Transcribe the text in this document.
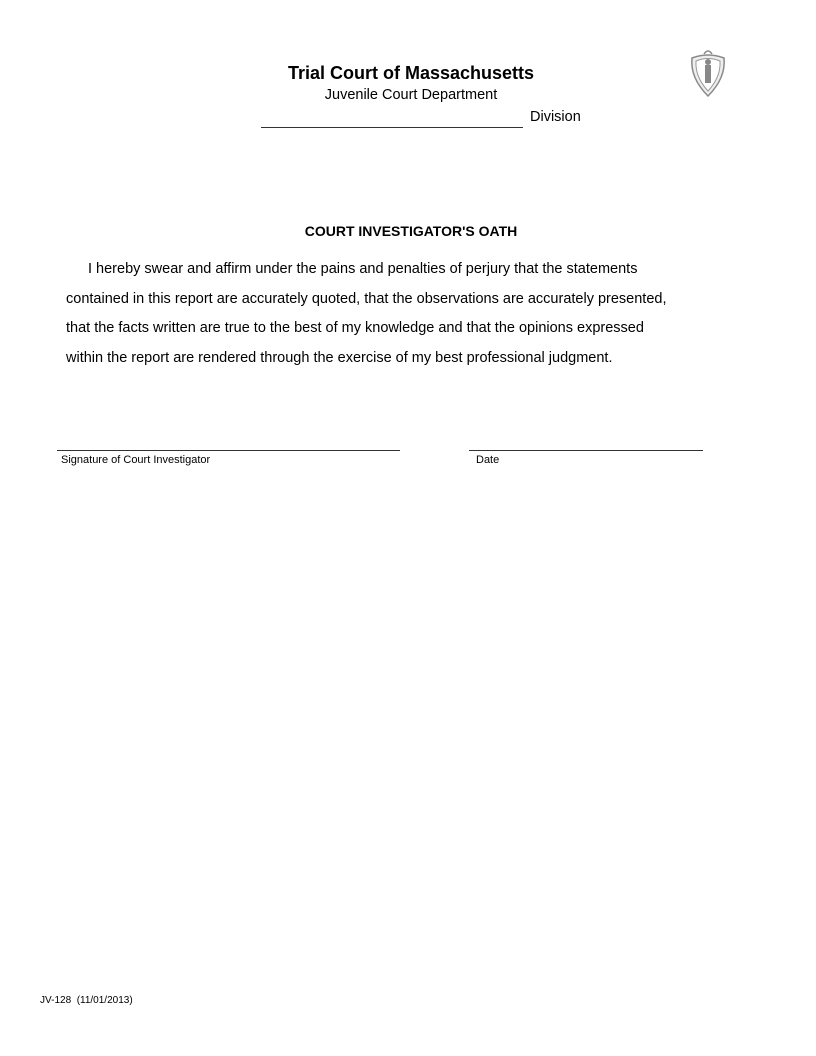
Trial Court of Massachusetts
Juvenile Court Department
Division
COURT INVESTIGATOR'S OATH
I hereby swear and affirm under the pains and penalties of perjury that the statements
contained in this report are accurately quoted, that the observations are accurately presented,
that the facts written are true to the best of my knowledge and that the opinions expressed
within the report are rendered through the exercise of my best professional judgment.
Signature of Court Investigator	Date
JV-128  (11/01/2013)
